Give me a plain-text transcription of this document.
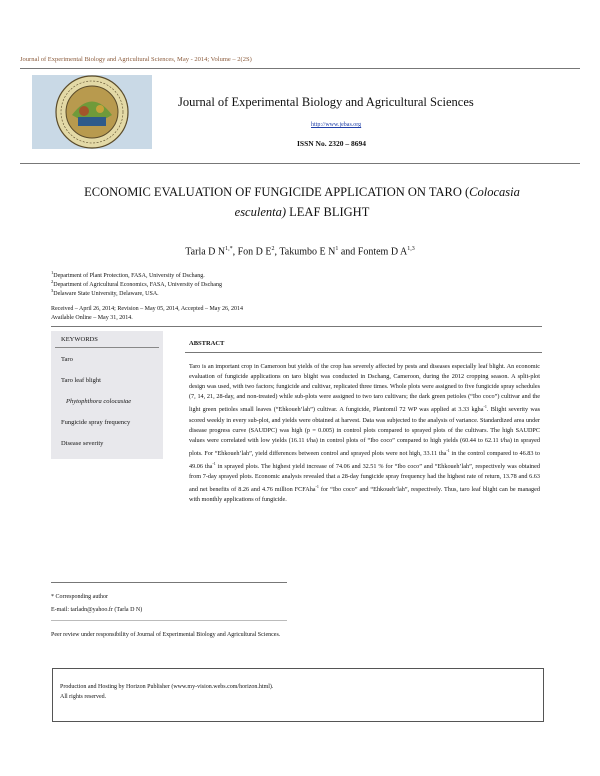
Journal of Experimental Biology and Agricultural Sciences, May - 2014; Volume – 2(2S)
Journal of Experimental Biology and Agricultural Sciences
http://www.jebas.org
ISSN No. 2320 – 8694
ECONOMIC EVALUATION OF FUNGICIDE APPLICATION ON TARO (Colocasia esculenta) LEAF BLIGHT
Tarla D $N^{1,*}$, Fon D $E^2$, Takumbo E $N^1$ and Fontem D A$^{1,3}$
$^1$Department of Plant Protection, FASA, University of Dschang.
$^2$Department of Agricultural Economics, FASA, University of Dschang
$^3$Delaware State University, Delaware, USA.
Received – April 26, 2014; Revision – May 05, 2014, Accepted – May 26, 2014
Available Online – May 31, 2014.
KEYWORDS
Taro
Taro leaf blight
Phytophthora colocasiae
Fungicide spray frequency
Disease severity
ABSTRACT
Taro is an important crop in Cameroon but yields of the crop has severely affected by pests and diseases especially leaf blight. An economic evaluation of fungicide applications on taro blight was conducted in Dschang, Cameroon, during the 2012 cropping season. A split-plot design was used, with two factors; fungicide and cultivar, replicated three times. Whole plots were assigned to five fungicide spray schedules (7, 14, 21, 28-day, and non-treated) while sub-plots were assigned to two taro cultivars; the dark green petioles (“Ibo coco”) cultivar and the light green petioles small leaves (“Ehkoueh’lah”) cultivar. A fungicide, Plantomil 72 WP was applied at 3.33 kgha$^{-1}$. Blight severity was scored weekly in every sub-plot, and yields were obtained at harvest. Data was subjected to the analysis of variance. Standardized area under disease progress curve (SAUDPC) was high (p = 0.005) in control plots compared to sprayed plots of the cultivars. The high SAUDPC values were correlated with low yields (16.11 t/ha) in control plots of “Ibo coco” compared to high yields (60.44 to 62.11 t/ha) in sprayed plots. For “Ehkoueh’lah”, yield differences between control and sprayed plots were not high, 33.11 tha$^{-1}$ in the control compared to 46.83 to 49.06 tha$^{-1}$ in sprayed plots. The highest yield increase of 74.06 and 32.51 % for “Ibo coco” and “Ehkoueh’lah”, respectively was obtained from 7-day sprayed plots. Economic analysis revealed that a 28-day fungicide spray frequency had the highest rate of return, 13.78 and 6.63 and net benefits of 8.26 and 4.76 million FCFAha$^{-1}$ for “Ibo coco” and “Ehkoueh’lah”, respectively. Thus, taro leaf blight can be managed with monthly applications of fungicide.
* Corresponding author
E-mail: tarladn@yahoo.fr (Tarla D N)
Peer review under responsibility of Journal of Experimental Biology and Agricultural Sciences.
Production and Hosting by Horizon Publisher (www.my-vision.webs.com/horizon.html).
All rights reserved.
